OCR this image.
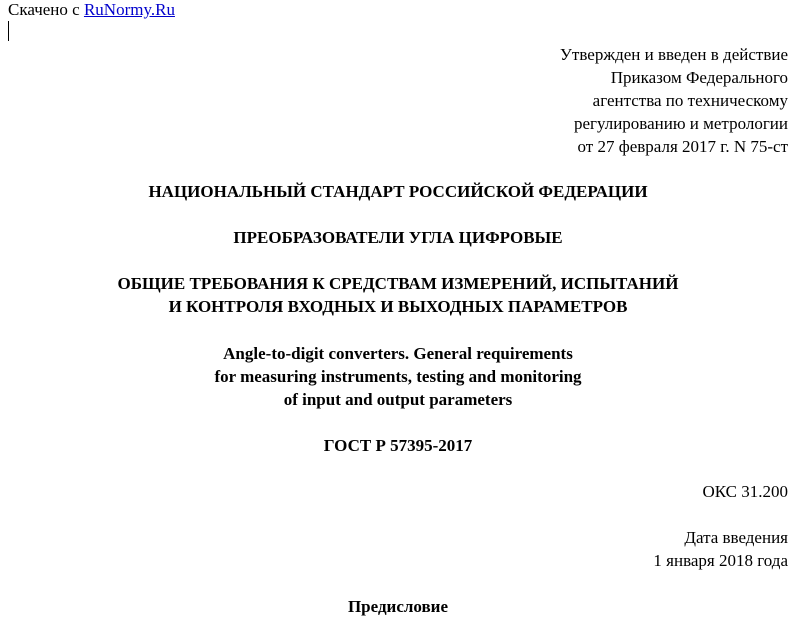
Скачено с RuNormy.Ru
Утвержден и введен в действие
Приказом Федерального
агентства по техническому
регулированию и метрологии
от 27 февраля 2017 г. N 75-ст
НАЦИОНАЛЬНЫЙ СТАНДАРТ РОССИЙСКОЙ ФЕДЕРАЦИИ
ПРЕОБРАЗОВАТЕЛИ УГЛА ЦИФРОВЫЕ
ОБЩИЕ ТРЕБОВАНИЯ К СРЕДСТВАМ ИЗМЕРЕНИЙ, ИСПЫТАНИЙ
И КОНТРОЛЯ ВХОДНЫХ И ВЫХОДНЫХ ПАРАМЕТРОВ
Angle-to-digit converters. General requirements
for measuring instruments, testing and monitoring
of input and output parameters
ГОСТ Р 57395-2017
ОКС 31.200
Дата введения
1 января 2018 года
Предисловие
